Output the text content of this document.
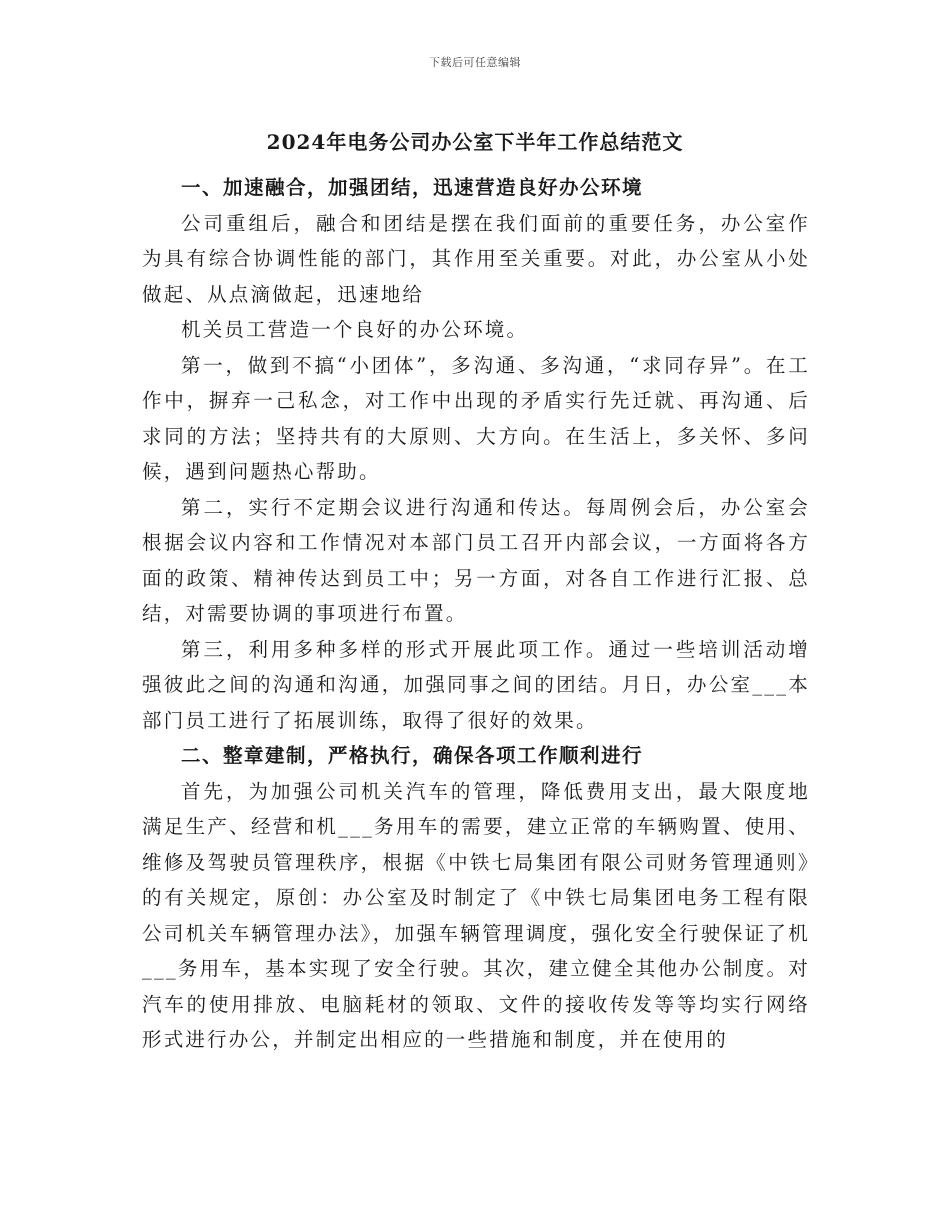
下载后可任意编辑
2024年电务公司办公室下半年工作总结范文
一、加速融合，加强团结，迅速营造良好办公环境

公司重组后，融合和团结是摆在我们面前的重要任务，办公室作为具有综合协调性能的部门，其作用至关重要。对此，办公室从小处做起、从点滴做起，迅速地给

机关员工营造一个良好的办公环境。

第一，做到不搞“小团体”，多沟通、多沟通，“求同存异”。在工作中，摒弃一己私念，对工作中出现的矛盾实行先迁就、再沟通、后求同的方法；坚持共有的大原则、大方向。在生活上，多关怀、多问候，遇到问题热心帮助。

第二，实行不定期会议进行沟通和传达。每周例会后，办公室会根据会议内容和工作情况对本部门员工召开内部会议，一方面将各方面的政策、精神传达到员工中；另一方面，对各自工作进行汇报、总结，对需要协调的事项进行布置。

第三，利用多种多样的形式开展此项工作。通过一些培训活动增强彼此之间的沟通和沟通，加强同事之间的团结。月日，办公室___本部门员工进行了拓展训练，取得了很好的效果。

二、整章建制，严格执行，确保各项工作顺利进行

首先，为加强公司机关汽车的管理，降低费用支出，最大限度地满足生产、经营和机___务用车的需要，建立正常的车辆购置、使用、维修及驾驶员管理秩序，根据《中铁七局集团有限公司财务管理通则》的有关规定，原创：办公室及时制定了《中铁七局集团电务工程有限公司机关车辆管理办法》，加强车辆管理调度，强化安全行驶保证了机___务用车，基本实现了安全行驶。其次，建立健全其他办公制度。对汽车的使用排放、电脑耗材的领取、文件的接收传发等等均实行网络形式进行办公，并制定出相应的一些措施和制度，并在使用的
